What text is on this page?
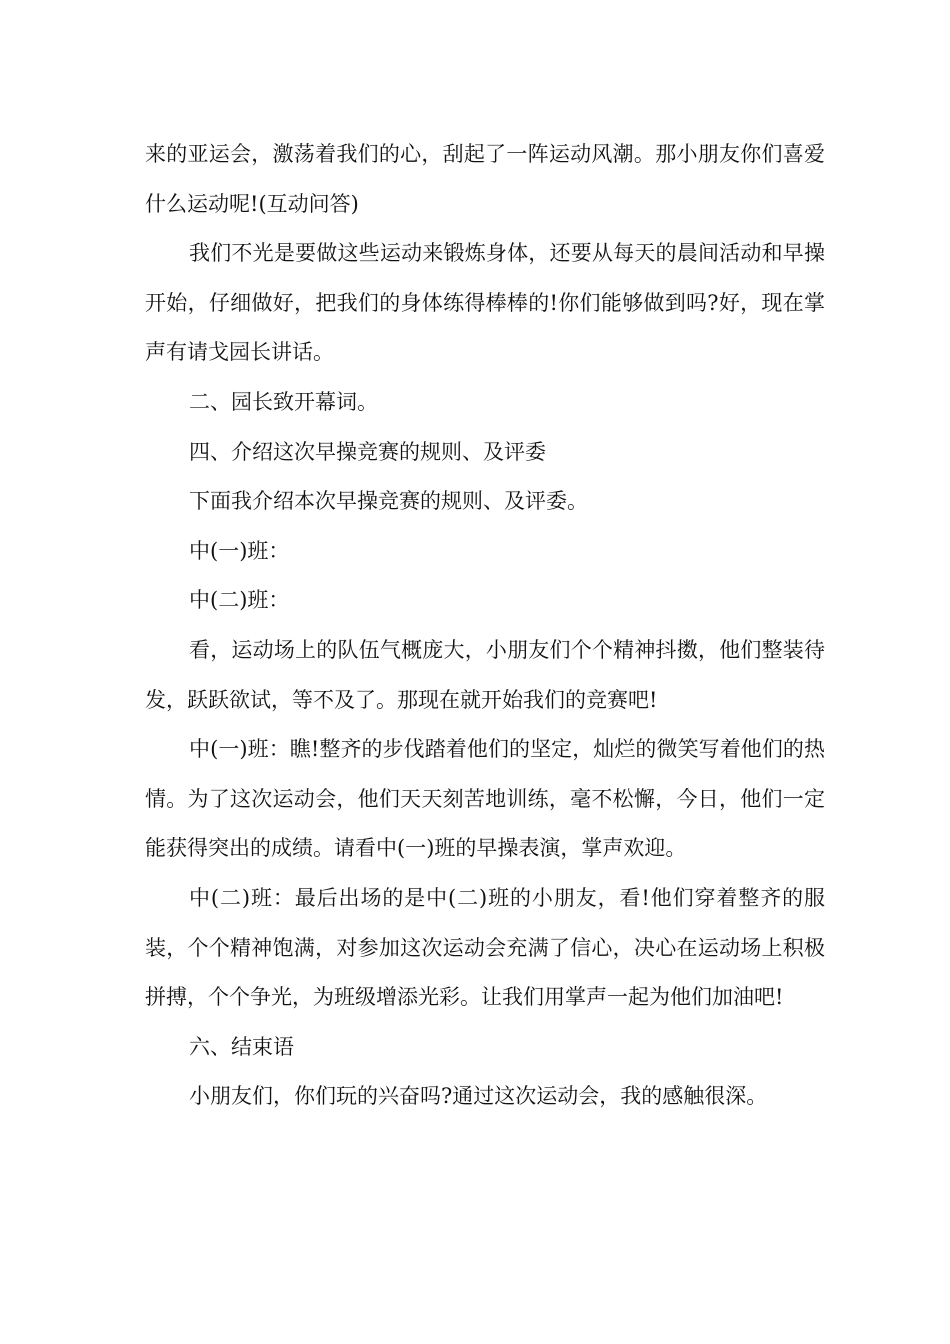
来的亚运会，激荡着我们的心，刮起了一阵运动风潮。那小朋友你们喜爱什么运动呢!(互动问答)

我们不光是要做这些运动来锻炼身体，还要从每天的晨间活动和早操开始，仔细做好，把我们的身体练得棒棒的!你们能够做到吗?好，现在掌声有请戈园长讲话。

二、园长致开幕词。

四、介绍这次早操竞赛的规则、及评委

下面我介绍本次早操竞赛的规则、及评委。

中(一)班：

中(二)班：

看，运动场上的队伍气概庞大，小朋友们个个精神抖擞，他们整装待发，跃跃欲试，等不及了。那现在就开始我们的竞赛吧!

中(一)班：瞧!整齐的步伐踏着他们的坚定，灿烂的微笑写着他们的热情。为了这次运动会，他们天天刻苦地训练，毫不松懈，今日，他们一定能获得突出的成绩。请看中(一)班的早操表演，掌声欢迎。

中(二)班：最后出场的是中(二)班的小朋友，看!他们穿着整齐的服装，个个精神饱满，对参加这次运动会充满了信心，决心在运动场上积极拼搏，个个争光，为班级增添光彩。让我们用掌声一起为他们加油吧!

六、结束语

小朋友们，你们玩的兴奋吗?通过这次运动会，我的感触很深。
